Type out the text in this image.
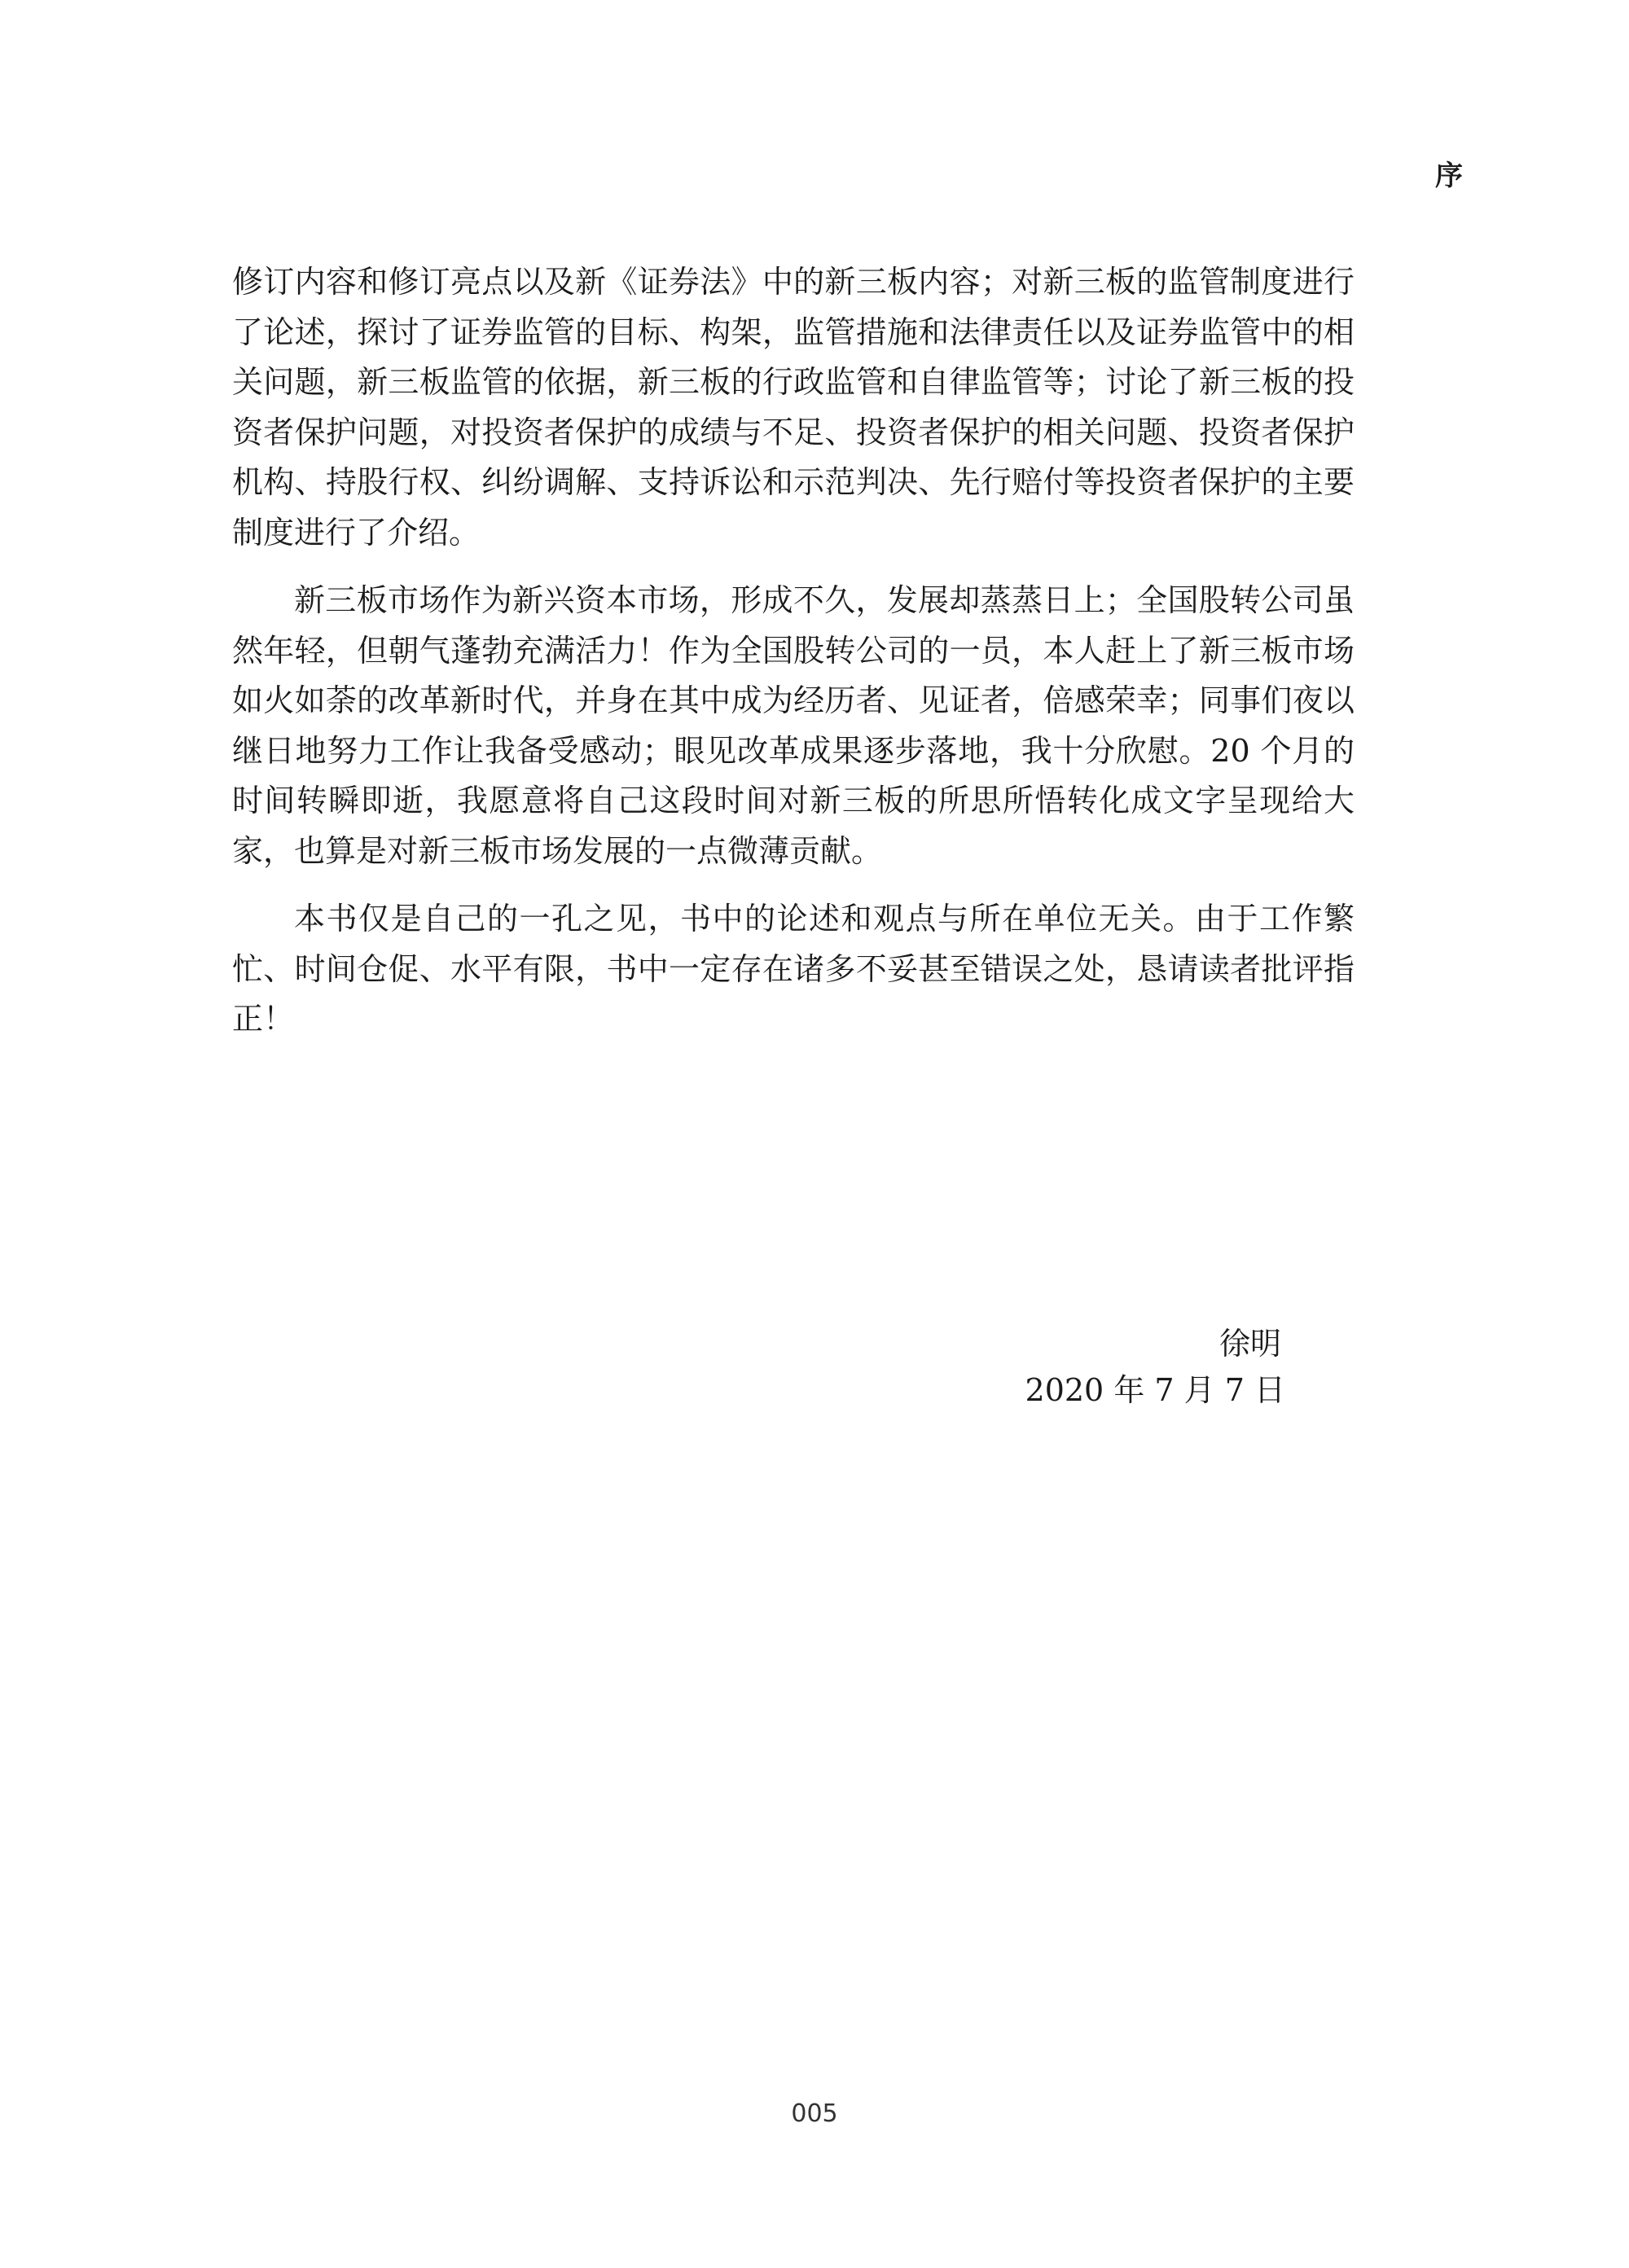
序

修订内容和修订亮点以及新《证券法》中的新三板内容；对新三板的监管制度进行了论述，探讨了证券监管的目标、构架，监管措施和法律责任以及证券监管中的相关问题，新三板监管的依据，新三板的行政监管和自律监管等；讨论了新三板的投资者保护问题，对投资者保护的成绩与不足、投资者保护的相关问题、投资者保护机构、持股行权、纠纷调解、支持诉讼和示范判决、先行赔付等投资者保护的主要制度进行了介绍。

新三板市场作为新兴资本市场，形成不久，发展却蒸蒸日上；全国股转公司虽然年轻，但朝气蓬勃充满活力！作为全国股转公司的一员，本人赶上了新三板市场如火如荼的改革新时代，并身在其中成为经历者、见证者，倍感荣幸；同事们夜以继日地努力工作让我备受感动；眼见改革成果逐步落地，我十分欣慰。20 个月的时间转瞬即逝，我愿意将自己这段时间对新三板的所思所悟转化成文字呈现给大家，也算是对新三板市场发展的一点微薄贡献。

本书仅是自己的一孔之见，书中的论述和观点与所在单位无关。由于工作繁忙、时间仓促、水平有限，书中一定存在诸多不妥甚至错误之处，恳请读者批评指正！

徐明
2020 年 7 月 7 日
005
